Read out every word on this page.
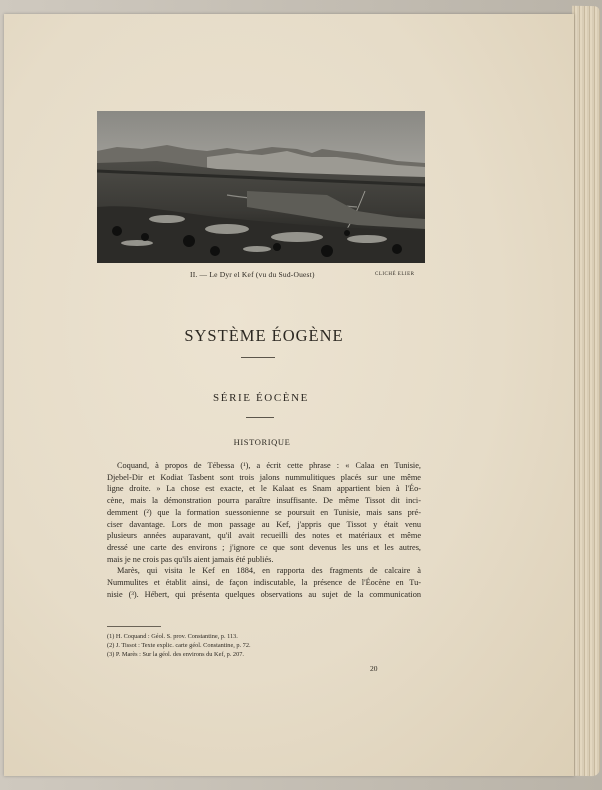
II. — Le Dyr el Kef (vu du Sud-Ouest)	CLICHÉ ELIER
SYSTÈME ÉOGÈNE
SÉRIE ÉOCÈNE
HISTORIQUE
Coquand, à propos de Tébessa (¹), a écrit cette phrase : « Calaa en Tunisie,
Djebel-Dir et Kodiat Tasbent sont trois jalons nummulitiques placés sur une même
ligne droite. » La chose est exacte, et le Kalaat es Snam appartient bien à l'Éo-
cène, mais la démonstration pourra paraître insuffisante. De même Tissot dit inci-
demment (²) que la formation suessonienne se poursuit en Tunisie, mais sans pré-
ciser davantage. Lors de mon passage au Kef, j'appris que Tissot y était venu
plusieurs années auparavant, qu'il avait recueilli des notes et matériaux et même
dressé une carte des environs ; j'ignore ce que sont devenus les uns et les autres,
mais je ne crois pas qu'ils aient jamais été publiés.
Marès, qui visita le Kef en 1884, en rapporta des fragments de calcaire à
Nummulites et établit ainsi, de façon indiscutable, la présence de l'Éocène en Tu-
nisie (³). Hébert, qui présenta quelques observations au sujet de la communication
(1) H. Coquand : Géol. S. prov. Constantine, p. 113.
(2) J. Tissot : Texte explic. carte géol. Constantine, p. 72.
(3) P. Marès : Sur la géol. des environs du Kef, p. 207.
20
